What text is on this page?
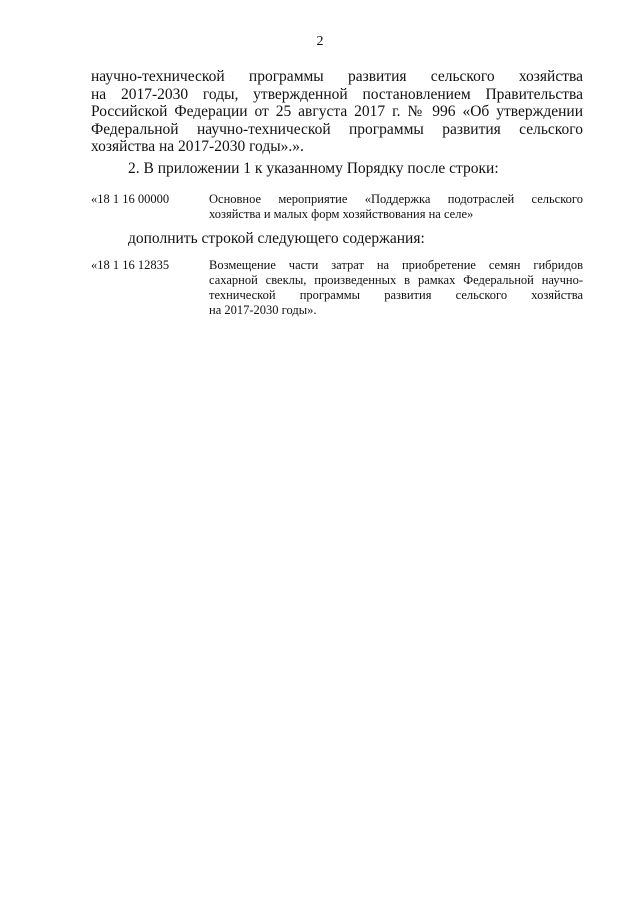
2
научно-технической программы развития сельского хозяйства
на 2017-2030 годы, утвержденной постановлением Правительства
Российской Федерации от 25 августа 2017 г. № 996 «Об утверждении
Федеральной научно-технической программы развития сельского
хозяйства на 2017-2030 годы».».
2. В приложении 1 к указанному Порядку после строки:
«18 1 16 00000	Основное мероприятие «Поддержка подотраслей сельского
хозяйства и малых форм хозяйствования на селе»
дополнить строкой следующего содержания:
«18 1 16 12835	Возмещение части затрат на приобретение семян гибридов
сахарной свеклы, произведенных в рамках Федеральной научно-
технической программы развития сельского хозяйства
на 2017-2030 годы».
